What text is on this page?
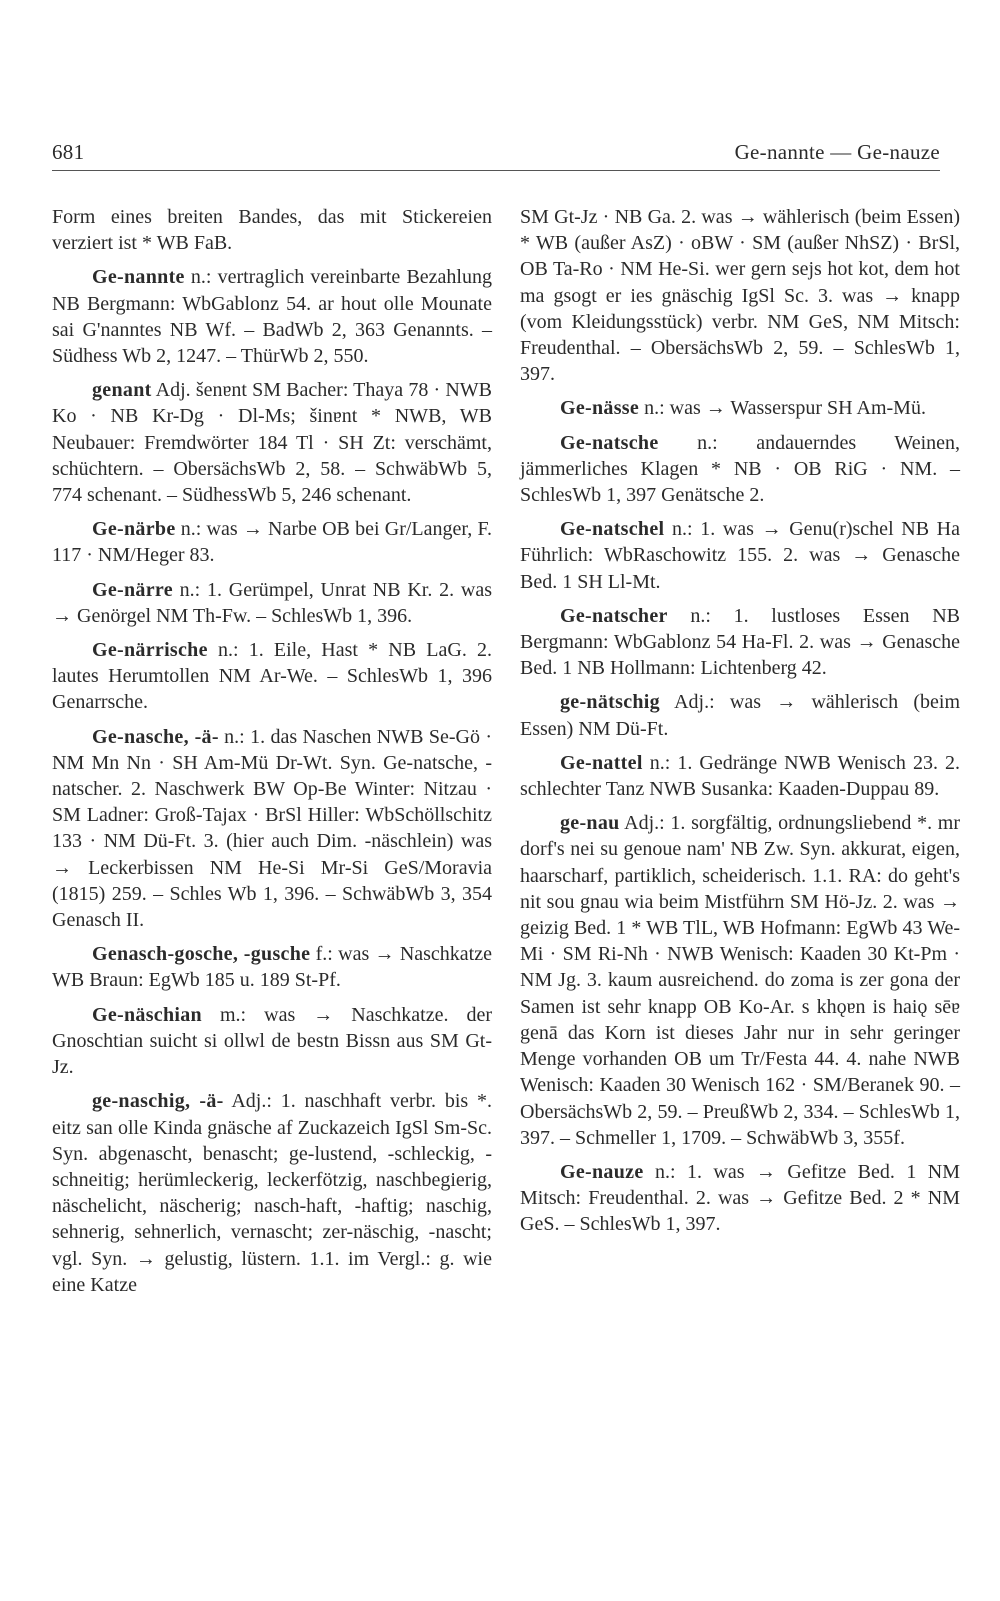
681	Ge-nannte — Ge-nauze

Form eines breiten Bandes, das mit Stickereien verziert ist * WB FaB.

Ge-nannte n.: vertraglich vereinbarte Bezahlung NB Bergmann: WbGablonz 54. ar hout olle Mounate sai G'nanntes NB Wf. – BadWb 2, 363 Genannts. – Südhess Wb 2, 1247. – ThürWb 2, 550.

genant Adj. šenɐnt SM Bacher: Thaya 78 · NWB Ko · NB Kr-Dg · Dl-Ms; šinɐnt * NWB, WB Neubauer: Fremdwörter 184 Tl · SH Zt: verschämt, schüchtern. – ObersächsWb 2, 58. – SchwäbWb 5, 774 schenant. – SüdhessWb 5, 246 schenant.

Ge-närbe n.: was → Narbe OB bei Gr/Langer, F. 117 · NM/Heger 83.

Ge-närre n.: 1. Gerümpel, Unrat NB Kr. 2. was → Genörgel NM Th-Fw. – SchlesWb 1, 396.

Ge-närrische n.: 1. Eile, Hast * NB LaG. 2. lautes Herumtollen NM Ar-We. – SchlesWb 1, 396 Genarrsche.

Ge-nasche, -ä- n.: 1. das Naschen NWB Se-Gö · NM Mn Nn · SH Am-Mü Dr-Wt. Syn. Ge-natsche, -natscher. 2. Naschwerk BW Op-Be Winter: Nitzau · SM Ladner: Groß-Tajax · BrSl Hiller: WbSchöllschitz 133 · NM Dü-Ft. 3. (hier auch Dim. -näschlein) was → Leckerbissen NM He-Si Mr-Si GeS/Moravia (1815) 259. – Schles Wb 1, 396. – SchwäbWb 3, 354 Genasch II.

Genasch-gosche, -gusche f.: was → Naschkatze WB Braun: EgWb 185 u. 189 St-Pf.

Ge-näschian m.: was → Naschkatze. der Gnoschtian suicht si ollwl de bestn Bissn aus SM Gt-Jz.

ge-naschig, -ä- Adj.: 1. naschhaft verbr. bis *. eitz san olle Kinda gnäsche af Zuckazeich IgSl Sm-Sc. Syn. abgenascht, benascht; ge-lustend, -schleckig, -schneitig; herümleckerig, leckerfötzig, naschbegierig, näschelicht, näscherig; nasch-haft, -haftig; naschig, sehnerig, sehnerlich, vernascht; zer-näschig, -nascht; vgl. Syn. → gelustig, lüstern. 1.1. im Vergl.: g. wie eine Katze

SM Gt-Jz · NB Ga. 2. was → wählerisch (beim Essen) * WB (außer AsZ) · oBW · SM (außer NhSZ) · BrSl, OB Ta-Ro · NM He-Si. wer gern sejs hot kot, dem hot ma gsogt er ies gnäschig IgSl Sc. 3. was → knapp (vom Kleidungsstück) verbr. NM GeS, NM Mitsch: Freudenthal. – ObersächsWb 2, 59. – SchlesWb 1, 397.

Ge-nässe n.: was → Wasserspur SH Am-Mü.

Ge-natsche n.: andauerndes Weinen, jämmerliches Klagen * NB · OB RiG · NM. – SchlesWb 1, 397 Genätsche 2.

Ge-natschel n.: 1. was → Genu(r)schel NB Ha Führlich: WbRaschowitz 155. 2. was → Genasche Bed. 1 SH Ll-Mt.

Ge-natscher n.: 1. lustloses Essen NB Bergmann: WbGablonz 54 Ha-Fl. 2. was → Genasche Bed. 1 NB Hollmann: Lichtenberg 42.

ge-nätschig Adj.: was → wählerisch (beim Essen) NM Dü-Ft.

Ge-nattel n.: 1. Gedränge NWB Wenisch 23. 2. schlechter Tanz NWB Susanka: Kaaden-Duppau 89.

ge-nau Adj.: 1. sorgfältig, ordnungsliebend *. mr dorf's nei su genoue nam' NB Zw. Syn. akkurat, eigen, haarscharf, partiklich, scheiderisch. 1.1. RA: do geht's nit sou gnau wia beim Mistführn SM Hö-Jz. 2. was → geizig Bed. 1 * WB TlL, WB Hofmann: EgWb 43 We-Mi · SM Ri-Nh · NWB Wenisch: Kaaden 30 Kt-Pm · NM Jg. 3. kaum ausreichend. do zoma is zer gona der Samen ist sehr knapp OB Ko-Ar. s khǫɐn is haiǫ sēɐ genā das Korn ist dieses Jahr nur in sehr geringer Menge vorhanden OB um Tr/Festa 44. 4. nahe NWB Wenisch: Kaaden 30 Wenisch 162 · SM/Beranek 90. – ObersächsWb 2, 59. – PreußWb 2, 334. – SchlesWb 1, 397. – Schmeller 1, 1709. – SchwäbWb 3, 355f.

Ge-nauze n.: 1. was → Gefitze Bed. 1 NM Mitsch: Freudenthal. 2. was → Gefitze Bed. 2 * NM GeS. – SchlesWb 1, 397.
